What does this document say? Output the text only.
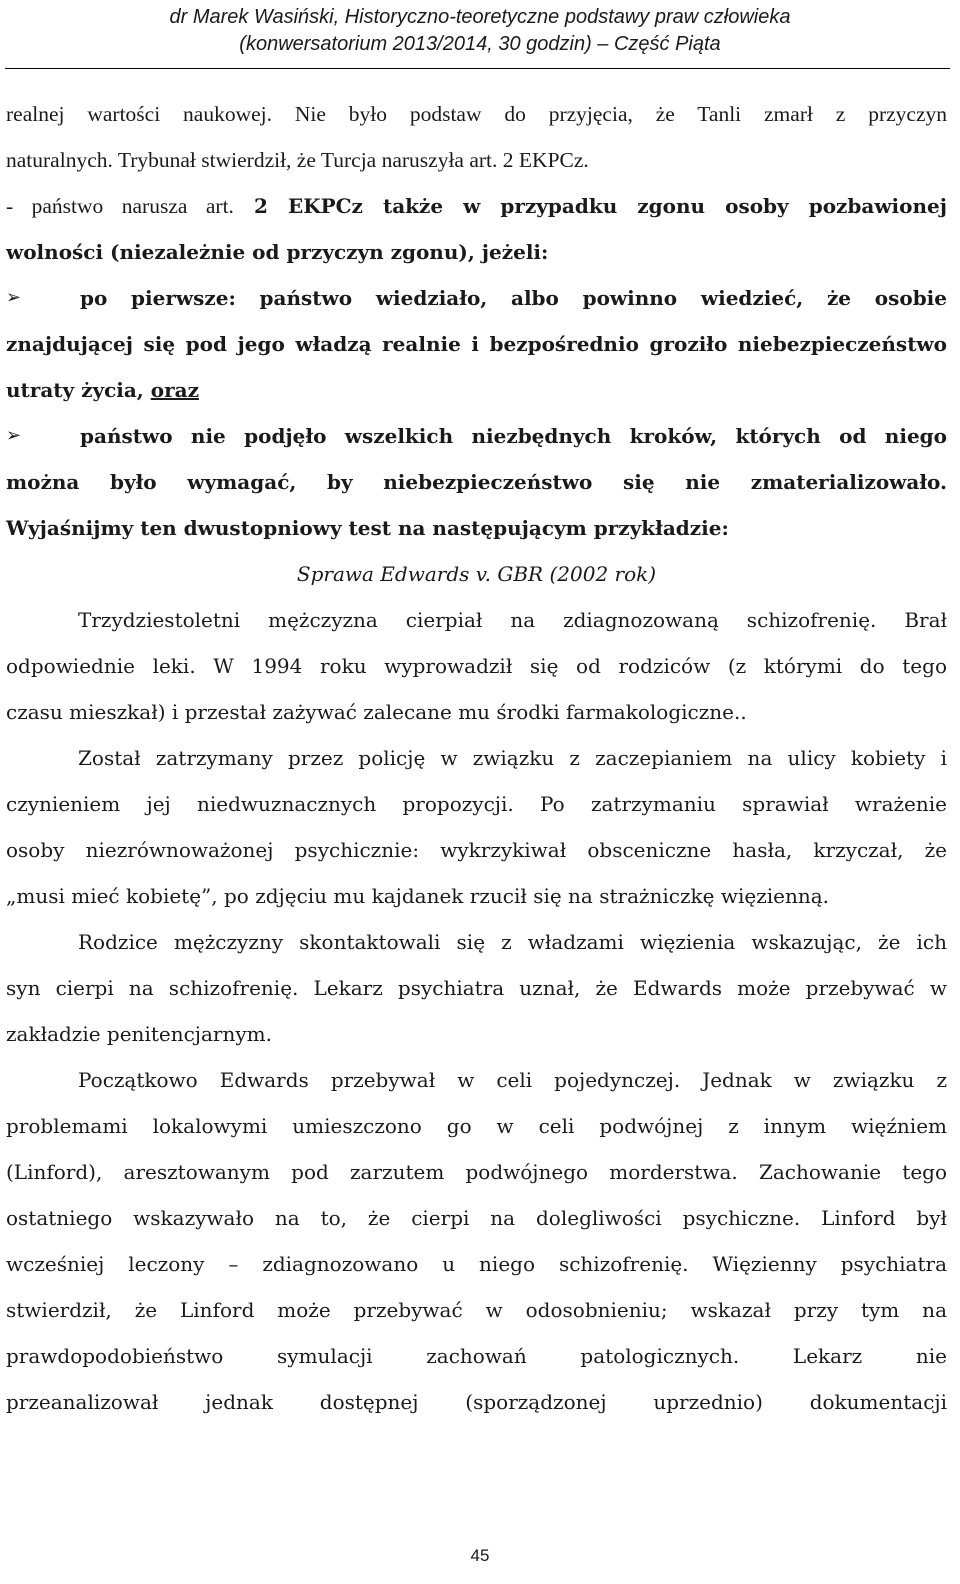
dr Marek Wasiński, Historyczno-teoretyczne podstawy praw człowieka
(konwersatorium 2013/2014, 30 godzin) – Część Piąta
realnej wartości naukowej. Nie było podstaw do przyjęcia, że Tanli zmarł z przyczyn
naturalnych. Trybunał stwierdził, że Turcja naruszyła art. 2 EKPCz.
- państwo narusza art. 2 EKPCz także w przypadku zgonu osoby pozbawionej
wolności (niezależnie od przyczyn zgonu), jeżeli:
➢	po pierwsze: państwo wiedziało, albo powinno wiedzieć, że osobie
znajdującej się pod jego władzą realnie i bezpośrednio groziło niebezpieczeństwo
utraty życia, oraz
➢	państwo nie podjęło wszelkich niezbędnych kroków, których od niego
można było wymagać, by niebezpieczeństwo się nie zmaterializowało.
Wyjaśnijmy ten dwustopniowy test na następującym przykładzie:
Sprawa Edwards v. GBR (2002 rok)
Trzydziestoletni mężczyzna cierpiał na zdiagnozowaną schizofrenię. Brał
odpowiednie leki. W 1994 roku wyprowadził się od rodziców (z którymi do tego
czasu mieszkał) i przestał zażywać zalecane mu środki farmakologiczne..
Został zatrzymany przez policję w związku z zaczepianiem na ulicy kobiety i
czynieniem jej niedwuznacznych propozycji. Po zatrzymaniu sprawiał wrażenie
osoby niezrównoważonej psychicznie: wykrzykiwał obsceniczne hasła, krzyczał, że
„musi mieć kobietę”, po zdjęciu mu kajdanek rzucił się na strażniczkę więzienną.
Rodzice mężczyzny skontaktowali się z władzami więzienia wskazując, że ich
syn cierpi na schizofrenię. Lekarz psychiatra uznał, że Edwards może przebywać w
zakładzie penitencjarnym.
Początkowo Edwards przebywał w celi pojedynczej. Jednak w związku z
problemami lokalowymi umieszczono go w celi podwójnej z innym więźniem
(Linford), aresztowanym pod zarzutem podwójnego morderstwa. Zachowanie tego
ostatniego wskazywało na to, że cierpi na dolegliwości psychiczne. Linford był
wcześniej leczony – zdiagnozowano u niego schizofrenię. Więzienny psychiatra
stwierdził, że Linford może przebywać w odosobnieniu; wskazał przy tym na
prawdopodobieństwo symulacji zachowań patologicznych. Lekarz nie
przeanalizował jednak dostępnej (sporządzonej uprzednio) dokumentacji
45
